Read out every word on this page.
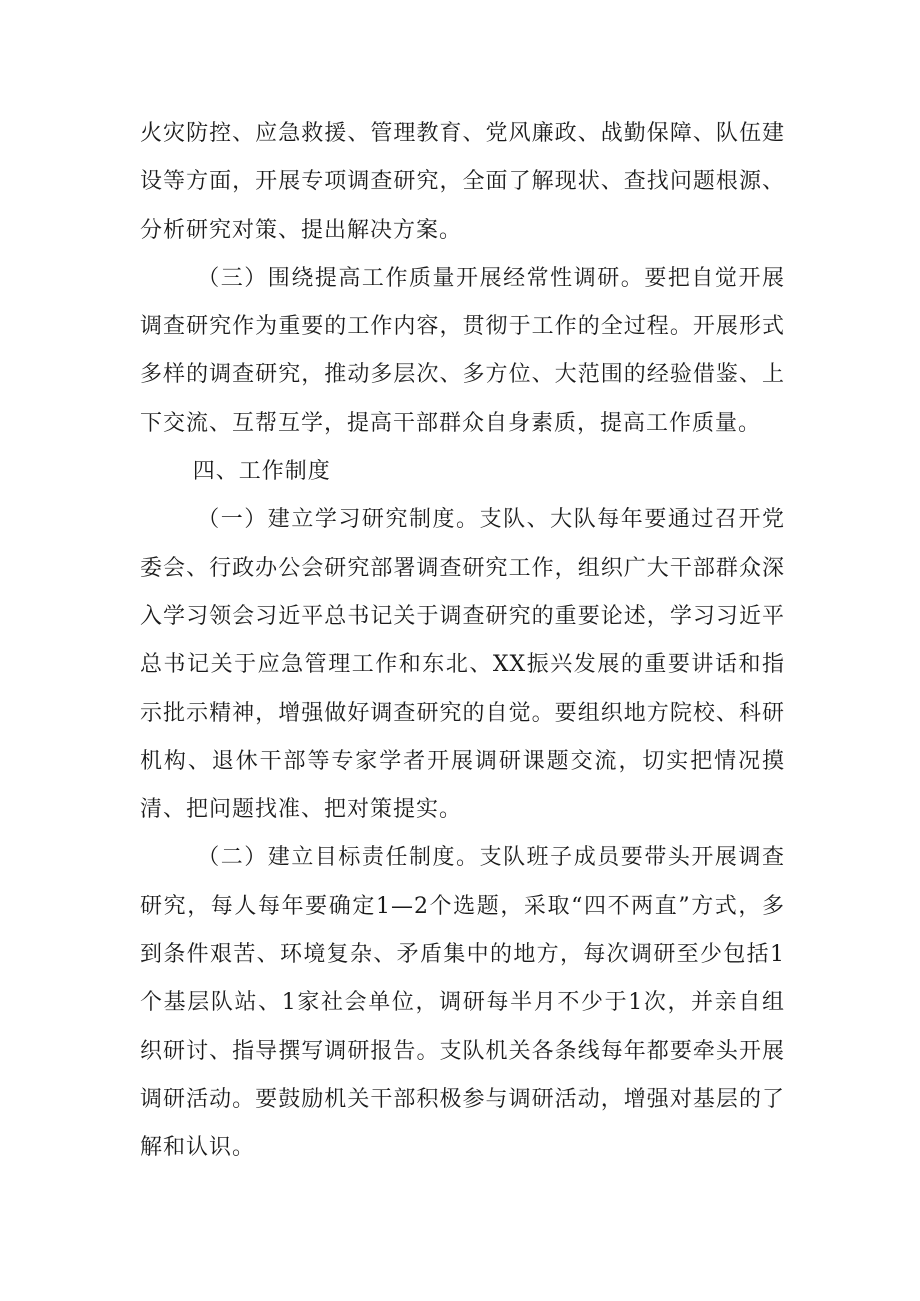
火灾防控、应急救援、管理教育、党风廉政、战勤保障、队伍建设等方面，开展专项调查研究，全面了解现状、查找问题根源、分析研究对策、提出解决方案。

（三）围绕提高工作质量开展经常性调研。要把自觉开展调查研究作为重要的工作内容，贯彻于工作的全过程。开展形式多样的调查研究，推动多层次、多方位、大范围的经验借鉴、上下交流、互帮互学，提高干部群众自身素质，提高工作质量。

四、工作制度

（一）建立学习研究制度。支队、大队每年要通过召开党委会、行政办公会研究部署调查研究工作，组织广大干部群众深入学习领会习近平总书记关于调查研究的重要论述，学习习近平总书记关于应急管理工作和东北、XX振兴发展的重要讲话和指示批示精神，增强做好调查研究的自觉。要组织地方院校、科研机构、退休干部等专家学者开展调研课题交流，切实把情况摸清、把问题找准、把对策提实。

（二）建立目标责任制度。支队班子成员要带头开展调查研究，每人每年要确定1—2个选题，采取“四不两直”方式，多到条件艰苦、环境复杂、矛盾集中的地方，每次调研至少包括1个基层队站、1家社会单位，调研每半月不少于1次，并亲自组织研讨、指导撰写调研报告。支队机关各条线每年都要牵头开展调研活动。要鼓励机关干部积极参与调研活动，增强对基层的了解和认识。
